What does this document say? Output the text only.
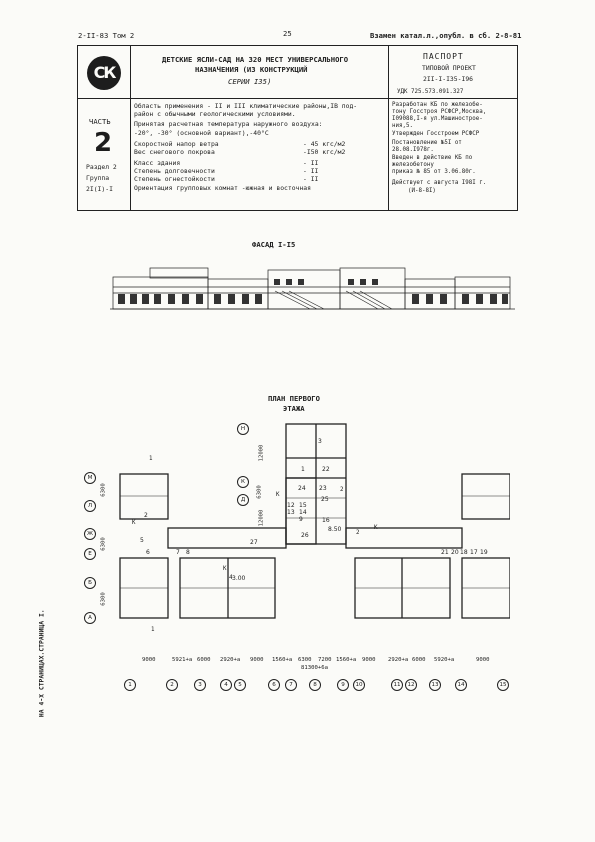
2-II-83 Том 2	25	Взамен катал.л.,опубл. в сб. 2-8-81
СК
ДЕТСКИЕ ЯСЛИ-САД НА 320 МЕСТ УНИВЕРСАЛЬНОГО
НАЗНАЧЕНИЯ (ИЗ КОНСТРУКЦИЙ
СЕРИИ I35)
ПАСПОРТ
ТИПОВОЙ ПРОЕКТ
2II-I-I35-I96
УДК 725.573.091.327
ЧАСТЬ
2
Раздел 2
Группа
2I(I)-I
Область применения - II и III климатические районы,IB под-
район с обычными геологическими условиями.
Принятая расчетная температура наружного воздуха:
-20°, -30° (основной вариант),-40°С
Скоростной напор ветра	- 45 кгс/м2
Вес снегового покрова	-I50 кгс/м2
Класс здания	- II
Степень долговечности	- II
Степень огнестойкости	- II
Ориентация групповых комнат -южная и восточная
Разработан КБ по железобе-
тону Госстроя РСФСР,Москва,
I09088,I-я ул.Машинострое-
ния,5.
Утвержден Госстроем РСФСР
Постановление №5I от
28.08.I978г.
Введен в действие КБ по
железобетону
приказ № 85 от 3.06.80г.
Действует с августа I98I г.
(И-8-8I)
ФАСАД I-I5
ПЛАН ПЕРВОГО
ЭТАЖА
Н
М
Л
К
Ж
Е
Д
Б
А
3
2
1	22
24 23
16
9
12
13 14
15
17
18 19
20
21
25
5
6	7 8
4
26
27
8.50
3.00
12000
6300
12000
6300
6300
6300
К
К
К
К
1
1
2
2
9000	5921+a 6000 2920+a 9000 1560+a 6300 7200 1560+a 9000 2920+a 6000 5920+a	9000
81300+6a
1	2	3	4	5	6	7	8	9	10	11	12	13	14	15
НА 4-Х СТРАНИЦАХ.СТРАНИЦА I.
